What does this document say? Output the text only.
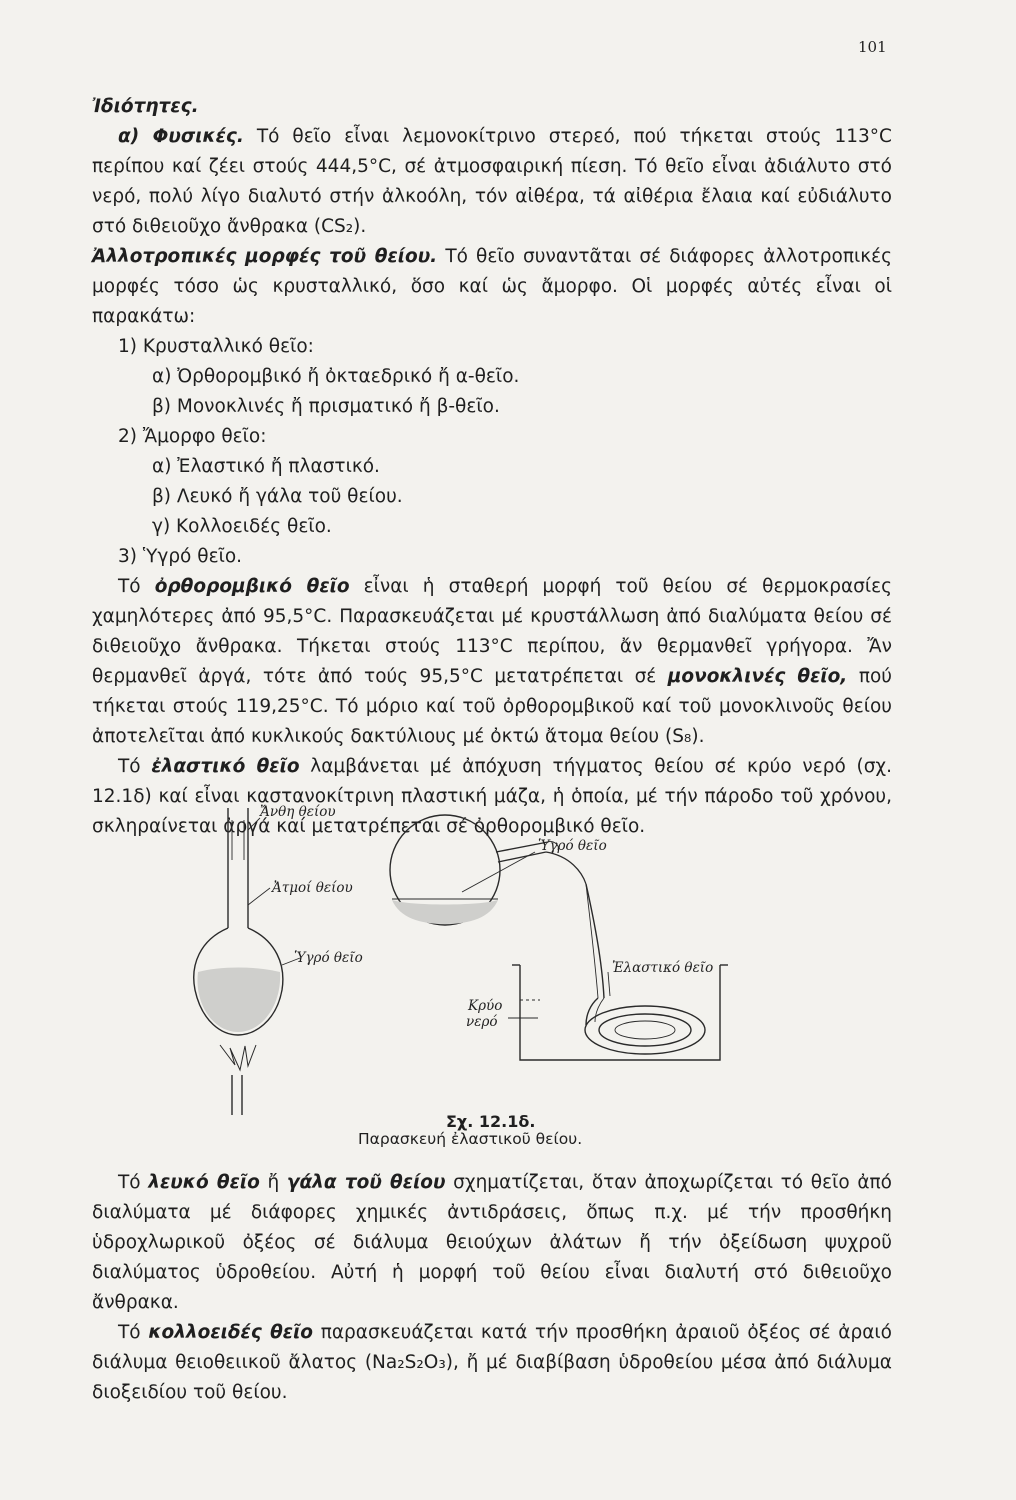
101

Ἰδιότητες.

α) Φυσικές. Τό θεῖο εἶναι λεμονοκίτρινο στερεό, πού τήκεται στούς 113°C περίπου καί ζέει στούς 444,5°C, σέ ἀτμοσφαιρική πίεση. Τό θεῖο εἶναι ἀδιάλυτο στό νερό, πολύ λίγο διαλυτό στήν ἀλκοόλη, τόν αἰθέρα, τά αἰθέρια ἔλαια καί εὐδιάλυτο στό διθειοῦχο ἄνθρακα (CS₂).

Ἀλλοτροπικές μορφές τοῦ θείου. Τό θεῖο συναντᾶται σέ διάφορες ἀλλοτροπικές μορφές τόσο ὡς κρυσταλλικό, ὅσο καί ὡς ἄμορφο. Οἱ μορφές αὐτές εἶναι οἱ παρακάτω:

1) Κρυσταλλικό θεῖο:

α) Ὀρθορομβικό ἤ ὀκταεδρικό ἤ α-θεῖο.

β) Μονοκλινές ἤ πρισματικό ἤ β-θεῖο.

2) Ἄμορφο θεῖο:

α) Ἐλαστικό ἤ πλαστικό.

β) Λευκό ἤ γάλα τοῦ θείου.

γ) Κολλοειδές θεῖο.

3) Ὑγρό θεῖο.

Τό ὀρθορομβικό θεῖο εἶναι ἡ σταθερή μορφή τοῦ θείου σέ θερμοκρασίες χαμηλότερες ἀπό 95,5°C. Παρασκευάζεται μέ κρυστάλλωση ἀπό διαλύματα θείου σέ διθειοῦχο ἄνθρακα. Τήκεται στούς 113°C περίπου, ἄν θερμανθεῖ γρήγορα. Ἄν θερμανθεῖ ἀργά, τότε ἀπό τούς 95,5°C μετατρέπεται σέ μονοκλινές θεῖο, πού τήκεται στούς 119,25°C. Τό μόριο καί τοῦ ὀρθορομβικοῦ καί τοῦ μονοκλινοῦς θείου ἀποτελεῖται ἀπό κυκλικούς δακτύλιους μέ ὀκτώ ἄτομα θείου (S₈).

Τό ἐλαστικό θεῖο λαμβάνεται μέ ἀπόχυση τήγματος θείου σέ κρύο νερό (σχ. 12.1δ) καί εἶναι καστανοκίτρινη πλαστική μάζα, ἡ ὁποία, μέ τήν πάροδο τοῦ χρόνου, σκληραίνεται ἀργά καί μετατρέπεται σέ ὀρθορομβικό θεῖο.

Ἄνθη θείου
Ἀτμοί θείου
Ὑγρό θεῖο
Ὑγρό θεῖο
Ἐλαστικό θεῖο
Κρύο
νερό
Σχ. 12.1δ.
Παρασκευή ἐλαστικοῦ θείου.

Τό λευκό θεῖο ἤ γάλα τοῦ θείου σχηματίζεται, ὅταν ἀποχωρίζεται τό θεῖο ἀπό διαλύματα μέ διάφορες χημικές ἀντιδράσεις, ὅπως π.χ. μέ τήν προσθήκη ὑδροχλωρικοῦ ὀξέος σέ διάλυμα θειούχων ἀλάτων ἤ τήν ὀξείδωση ψυχροῦ διαλύματος ὑδροθείου. Αὐτή ἡ μορφή τοῦ θείου εἶναι διαλυτή στό διθειοῦχο ἄνθρακα.

Τό κολλοειδές θεῖο παρασκευάζεται κατά τήν προσθήκη ἀραιοῦ ὀξέος σέ ἀραιό διάλυμα θειοθειικοῦ ἄλατος (Na₂S₂O₃), ἤ μέ διαβίβαση ὑδροθείου μέσα ἀπό διάλυμα διοξειδίου τοῦ θείου.
